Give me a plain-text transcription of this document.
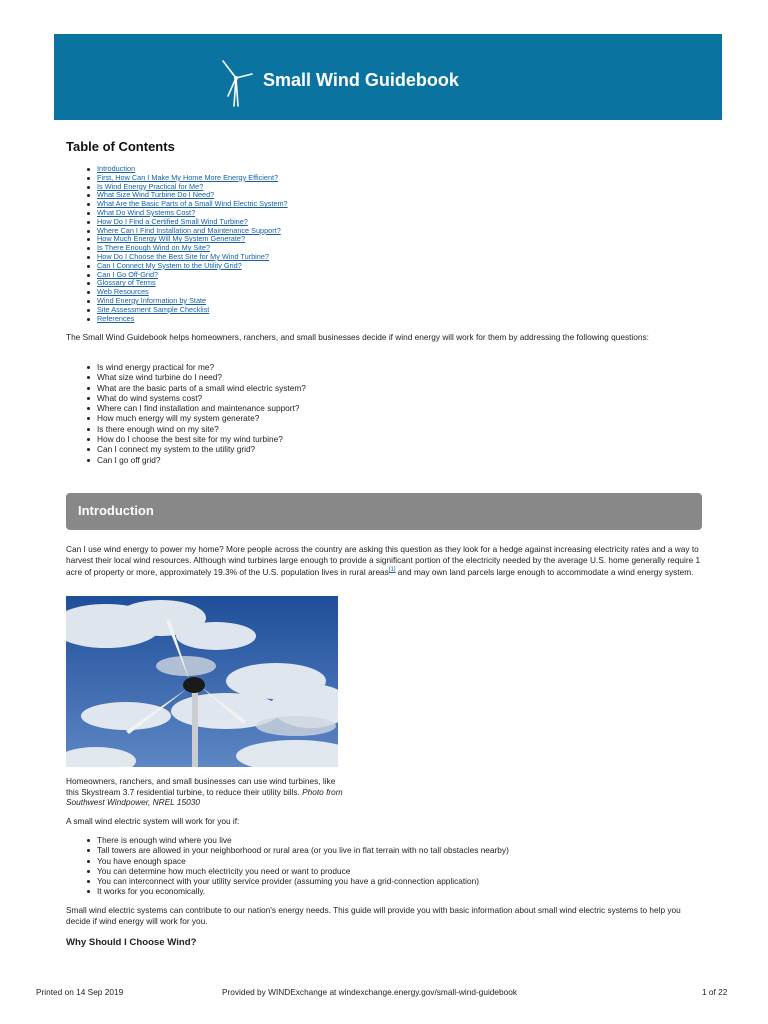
Small Wind Guidebook
Table of Contents
Introduction
First, How Can I Make My Home More Energy Efficient?
Is Wind Energy Practical for Me?
What Size Wind Turbine Do I Need?
What Are the Basic Parts of a Small Wind Electric System?
What Do Wind Systems Cost?
How Do I Find a Certified Small Wind Turbine?
Where Can I Find Installation and Maintenance Support?
How Much Energy Will My System Generate?
Is There Enough Wind on My Site?
How Do I Choose the Best Site for My Wind Turbine?
Can I Connect My System to the Utility Grid?
Can I Go Off-Grid?
Glossary of Terms
Web Resources
Wind Energy Information by State
Site Assessment Sample Checklist
References
The Small Wind Guidebook helps homeowners, ranchers, and small businesses decide if wind energy will work for them by addressing the following questions:
Is wind energy practical for me?
What size wind turbine do I need?
What are the basic parts of a small wind electric system?
What do wind systems cost?
Where can I find installation and maintenance support?
How much energy will my system generate?
Is there enough wind on my site?
How do I choose the best site for my wind turbine?
Can I connect my system to the utility grid?
Can I go off grid?
Introduction
Can I use wind energy to power my home? More people across the country are asking this question as they look for a hedge against increasing electricity rates and a way to harvest their local wind resources. Although wind turbines large enough to provide a significant portion of the electricity needed by the average U.S. home generally require 1 acre of property or more, approximately 19.3% of the U.S. population lives in rural areas[1] and may own land parcels large enough to accommodate a wind energy system.
Homeowners, ranchers, and small businesses can use wind turbines, like this Skystream 3.7 residential turbine, to reduce their utility bills. Photo from Southwest Windpower, NREL 15030
A small wind electric system will work for you if:
There is enough wind where you live
Tall towers are allowed in your neighborhood or rural area (or you live in flat terrain with no tall obstacles nearby)
You have enough space
You can determine how much electricity you need or want to produce
You can interconnect with your utility service provider (assuming you have a grid-connection application)
It works for you economically.
Small wind electric systems can contribute to our nation's energy needs. This guide will provide you with basic information about small wind electric systems to help you decide if wind energy will work for you.
Why Should I Choose Wind?
Printed on 14 Sep 2019	Provided by WINDExchange at windexchange.energy.gov/small-wind-guidebook	1 of 22
